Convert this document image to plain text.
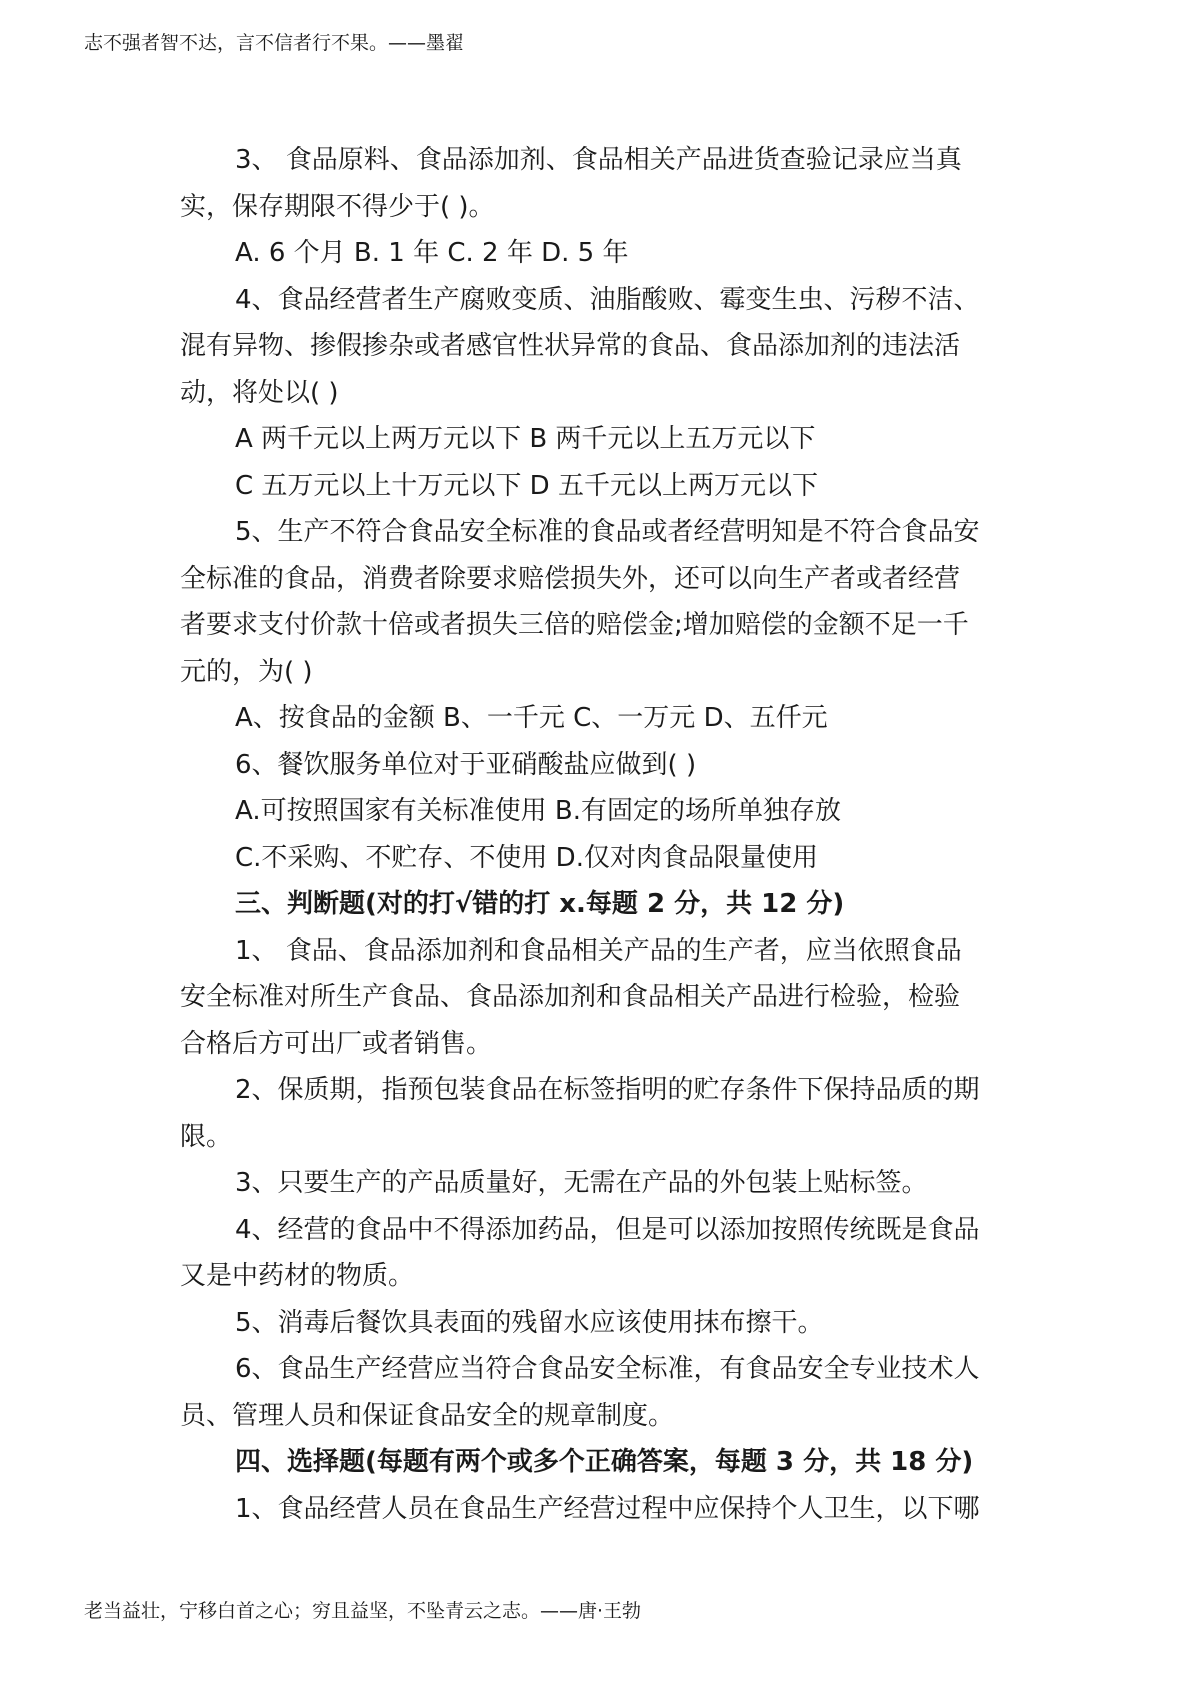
志不强者智不达，言不信者行不果。——墨翟
3、 食品原料、食品添加剂、食品相关产品进货查验记录应当真
实，保存期限不得少于( )。
A. 6 个月 B. 1 年 C. 2 年 D. 5 年
4、食品经营者生产腐败变质、油脂酸败、霉变生虫、污秽不洁、
混有异物、掺假掺杂或者感官性状异常的食品、食品添加剂的违法活
动，将处以( )
A 两千元以上两万元以下 B 两千元以上五万元以下
C 五万元以上十万元以下 D 五千元以上两万元以下
5、生产不符合食品安全标准的食品或者经营明知是不符合食品安
全标准的食品，消费者除要求赔偿损失外，还可以向生产者或者经营
者要求支付价款十倍或者损失三倍的赔偿金;增加赔偿的金额不足一千
元的，为( )
A、按食品的金额 B、一千元 C、一万元 D、五仟元
6、餐饮服务单位对于亚硝酸盐应做到( )
A.可按照国家有关标准使用 B.有固定的场所单独存放
C.不采购、不贮存、不使用 D.仅对肉食品限量使用
三、判断题(对的打√错的打 x.每题 2 分，共 12 分)
1、 食品、食品添加剂和食品相关产品的生产者，应当依照食品
安全标准对所生产食品、食品添加剂和食品相关产品进行检验，检验
合格后方可出厂或者销售。
2、保质期，指预包装食品在标签指明的贮存条件下保持品质的期
限。
3、只要生产的产品质量好，无需在产品的外包装上贴标签。
4、经营的食品中不得添加药品，但是可以添加按照传统既是食品
又是中药材的物质。
5、消毒后餐饮具表面的残留水应该使用抹布擦干。
6、食品生产经营应当符合食品安全标准，有食品安全专业技术人
员、管理人员和保证食品安全的规章制度。
四、选择题(每题有两个或多个正确答案，每题 3 分，共 18 分)
1、食品经营人员在食品生产经营过程中应保持个人卫生，以下哪
老当益壮，宁移白首之心；穷且益坚，不坠青云之志。——唐·王勃
